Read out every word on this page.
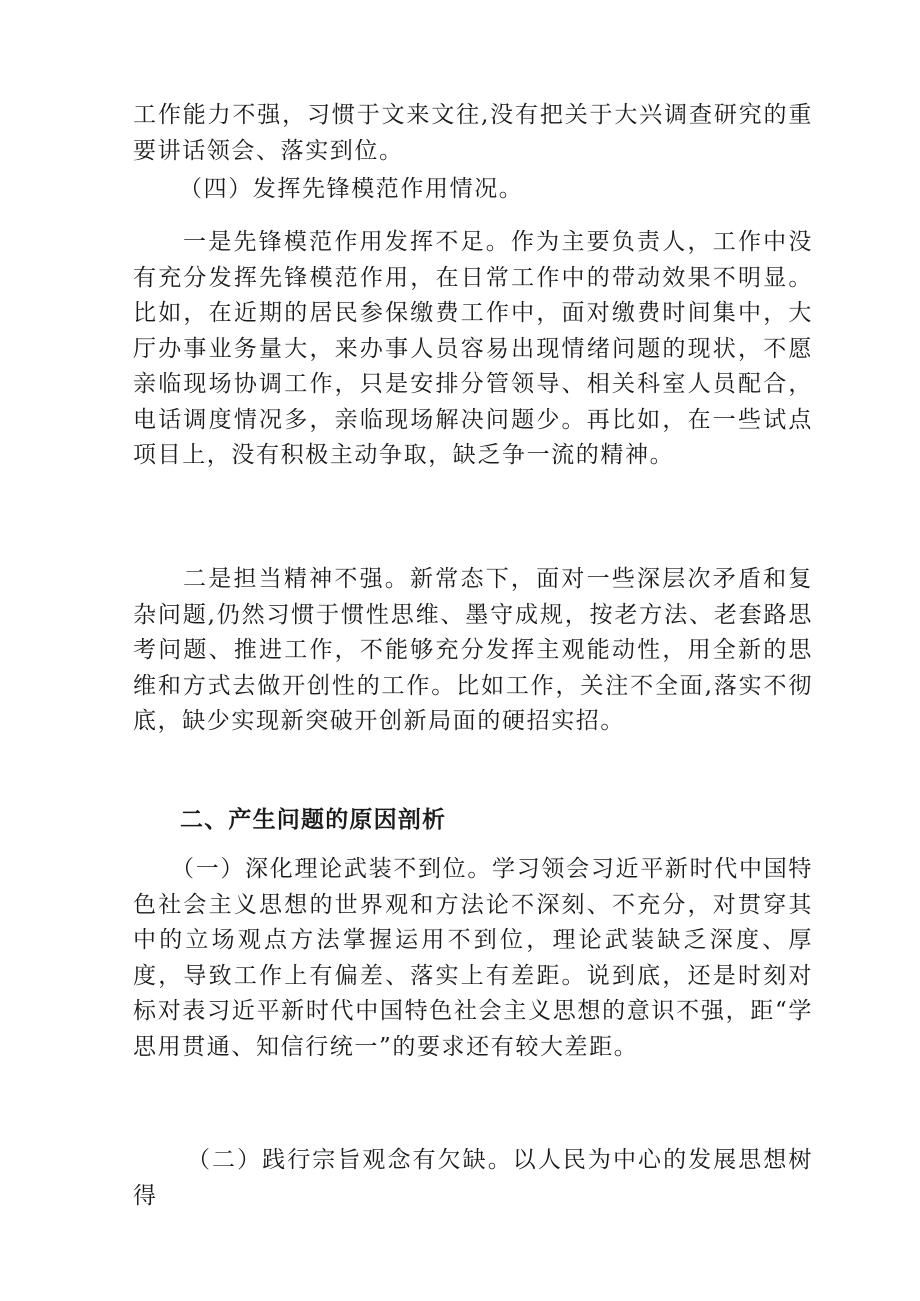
工作能力不强，习惯于文来文往,没有把关于大兴调查研究的重要讲话领会、落实到位。

（四）发挥先锋模范作用情况。

一是先锋模范作用发挥不足。作为主要负责人，工作中没有充分发挥先锋模范作用，在日常工作中的带动效果不明显。比如，在近期的居民参保缴费工作中，面对缴费时间集中，大厅办事业务量大，来办事人员容易出现情绪问题的现状，不愿亲临现场协调工作，只是安排分管领导、相关科室人员配合，电话调度情况多，亲临现场解决问题少。再比如，在一些试点项目上，没有积极主动争取，缺乏争一流的精神。

二是担当精神不强。新常态下，面对一些深层次矛盾和复杂问题,仍然习惯于惯性思维、墨守成规，按老方法、老套路思考问题、推进工作，不能够充分发挥主观能动性，用全新的思维和方式去做开创性的工作。比如工作，关注不全面,落实不彻底，缺少实现新突破开创新局面的硬招实招。

二、产生问题的原因剖析

（一）深化理论武装不到位。学习领会习近平新时代中国特色社会主义思想的世界观和方法论不深刻、不充分，对贯穿其中的立场观点方法掌握运用不到位，理论武装缺乏深度、厚度，导致工作上有偏差、落实上有差距。说到底，还是时刻对标对表习近平新时代中国特色社会主义思想的意识不强，距“学思用贯通、知信行统一”的要求还有较大差距。

（二）践行宗旨观念有欠缺。以人民为中心的发展思想树得
